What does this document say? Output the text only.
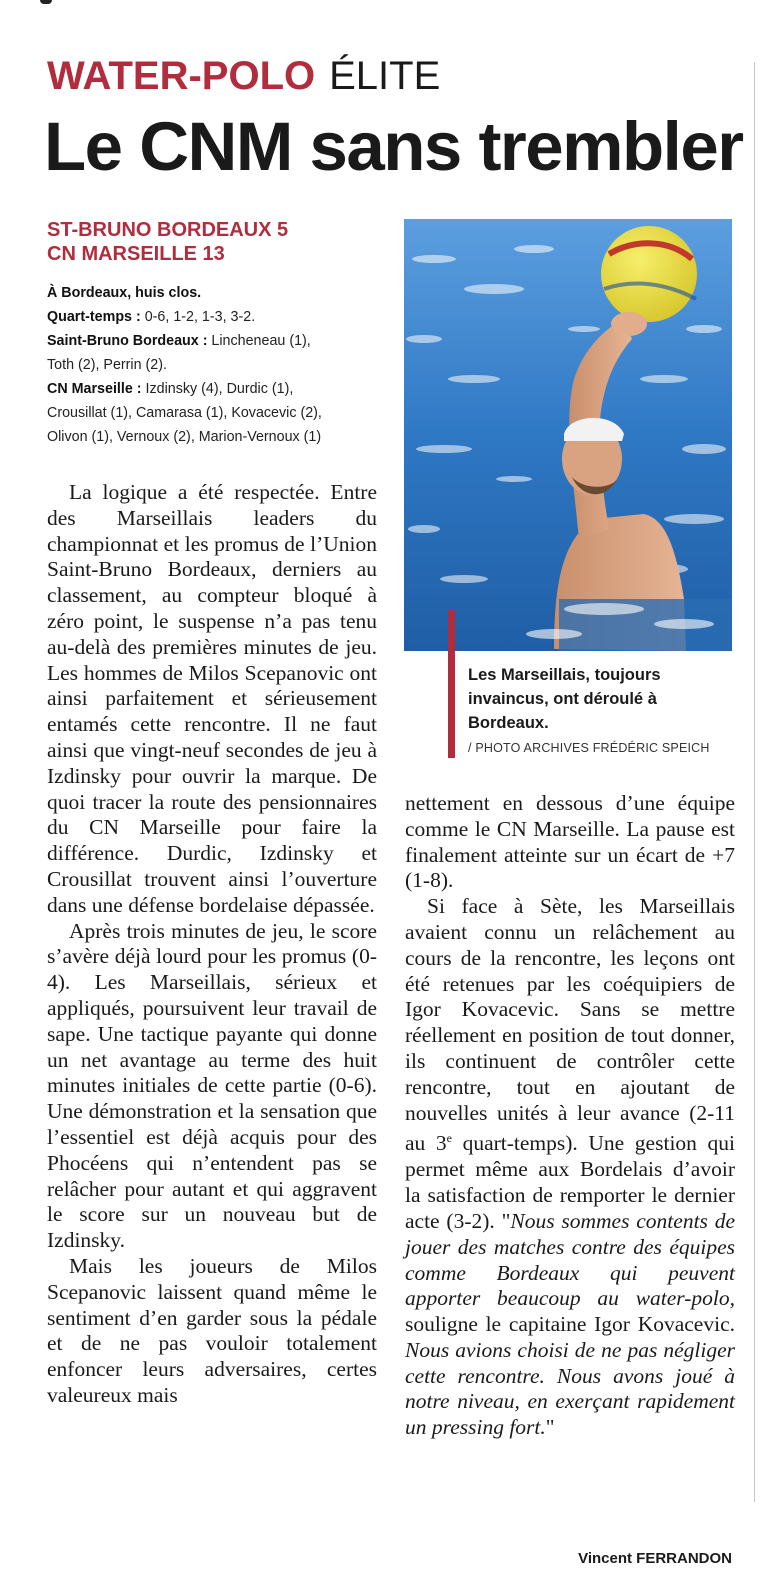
WATER-POLO ÉLITE
Le CNM sans trembler
ST-BRUNO BORDEAUX 5
CN MARSEILLE 13
À Bordeaux, huis clos.
Quart-temps : 0-6, 1-2, 1-3, 3-2.
Saint-Bruno Bordeaux : Lincheneau (1),
Toth (2), Perrin (2).
CN Marseille : Izdinsky (4), Durdic (1),
Crousillat (1), Camarasa (1), Kovacevic (2),
Olivon (1), Vernoux (2), Marion-Vernoux (1)
Les Marseillais, toujours invaincus, ont déroulé à Bordeaux.
/ PHOTO ARCHIVES FRÉDÉRIC SPEICH

La logique a été respectée. Entre des Marseillais leaders du championnat et les promus de l’Union Saint-Bruno Bordeaux, derniers au classement, au compteur bloqué à zéro point, le suspense n’a pas tenu au-delà des premières minutes de jeu. Les hommes de Milos Scepanovic ont ainsi parfaitement et sérieusement entamés cette rencontre. Il ne faut ainsi que vingt-neuf secondes de jeu à Izdinsky pour ouvrir la marque. De quoi tracer la route des pensionnaires du CN Marseille pour faire la différence. Durdic, Izdinsky et Crousillat trouvent ainsi l’ouverture dans une défense bordelaise dépassée.

Après trois minutes de jeu, le score s’avère déjà lourd pour les promus (0-4). Les Marseillais, sérieux et appliqués, poursuivent leur travail de sape. Une tactique payante qui donne un net avantage au terme des huit minutes initiales de cette partie (0-6). Une démonstration et la sensation que l’essentiel est déjà acquis pour des Phocéens qui n’entendent pas se relâcher pour autant et qui aggravent le score sur un nouveau but de Izdinsky.

Mais les joueurs de Milos Scepanovic laissent quand même le sentiment d’en garder sous la pédale et de ne pas vouloir totalement enfoncer leurs adversaires, certes valeureux mais

nettement en dessous d’une équipe comme le CN Marseille. La pause est finalement atteinte sur un écart de +7 (1-8).

Si face à Sète, les Marseillais avaient connu un relâchement au cours de la rencontre, les leçons ont été retenues par les coéquipiers de Igor Kovacevic. Sans se mettre réellement en position de tout donner, ils continuent de contrôler cette rencontre, tout en ajoutant de nouvelles unités à leur avance (2-11 au 3e quart-temps). Une gestion qui permet même aux Bordelais d’avoir la satisfaction de remporter le dernier acte (3-2). "Nous sommes contents de jouer des matches contre des équipes comme Bordeaux qui peuvent apporter beaucoup au water-polo, souligne le capitaine Igor Kovacevic. Nous avions choisi de ne pas négliger cette rencontre. Nous avons joué à notre niveau, en exerçant rapidement un pressing fort."

Vincent FERRANDON
